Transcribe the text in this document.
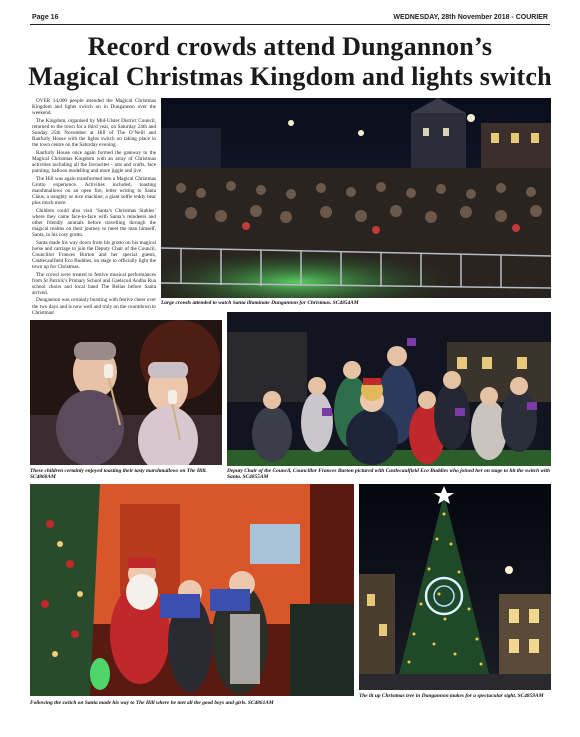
Page 16	WEDNESDAY, 28th November 2018 - COURIER
Record crowds attend Dungannon’s
Magical Christmas Kingdom and lights switch

OVER 14,000 people attended the Magical Christmas Kingdom and lights switch on in Dungannon over the weekend.

The Kingdom, organised by Mid-Ulster District Council, returned to the town for a third year, on Saturday 24th and Sunday 25th November at Hill of The O’Neill and Ranfurly House with the lights switch on taking place in the town centre on the Saturday evening.

Ranfurly House once again formed the gateway to the Magical Christmas Kingdom with an array of Christmas activities including all the favourites - arts and crafts, face painting, balloon modelling and more jiggle and jive.

The Hill was again transformed into a Magical Christmas Grotto experience. Activities included, toasting marshmallows on an open fire, letter writing to Santa Claus, a naughty or nice machine, a giant selfie teddy bear plus much more.

Children could also visit ‘Santa’s Christmas Stables’ where they came face-to-face with Santa’s reindeers and other friendly animals before travelling through the magical realms on their journey to meet the man himself, Santa, in his cosy grotto.

Santa made his way down from his grotto on his magical horse and carriage to join the Deputy Chair of the Council, Councillor Frances Burton and her special guests, Castlecaulfield Eco Buddies, on stage to officially light the town up for Christmas.

The crowd were treated to festive musical performances from St Patrick’s Primary School and Gaelscoil Aodha Rua school choirs and local band The Bellas before Santa arrived.

Dungannon was certainly bursting with festive cheer over the two days and is now well and truly on the countdown to Christmas!

Large crowds attended to watch Santa illuminate Dungannon for Christmas. SC4854AM
These children certainly enjoyed toasting their tasty marshmallows on The Hill. SC4860AM
Deputy Chair of the Council, Councillor Frances Burton pictured with Castlecaulfield Eco Buddies who joined her on stage to hit the switch with Santa. SC4855AM
Following the switch on Santa made his way to The Hill where he met all the good boys and girls. SC4861AM
The lit up Christmas tree in Dungannon makes for a spectacular sight. SC4859AM
